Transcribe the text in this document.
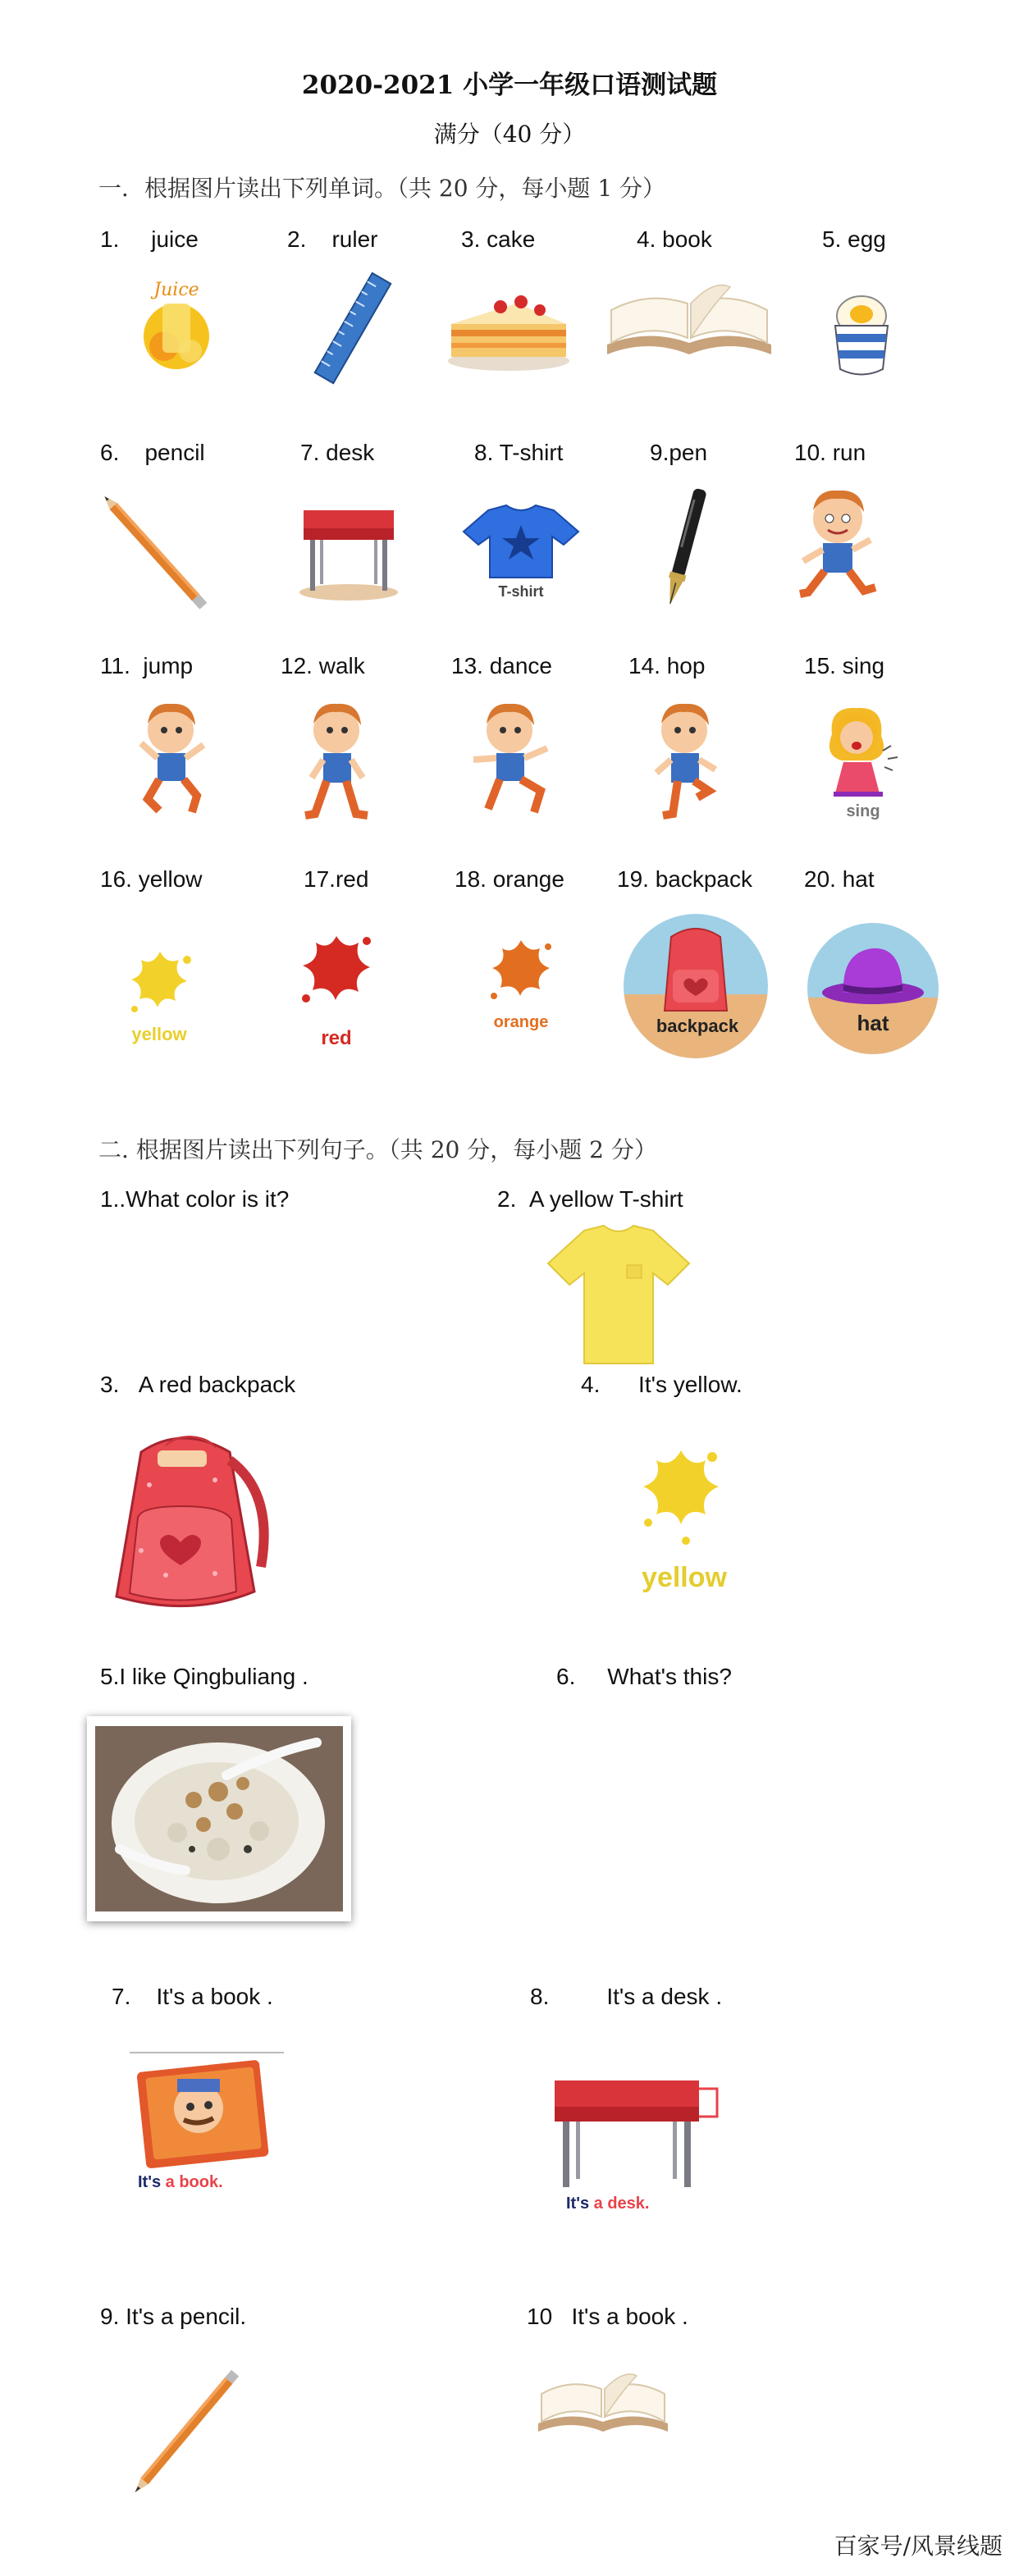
2020-2021 小学一年级口语测试题
满分（40 分）
一．根据图片读出下列单词。（共 20 分，每小题 1 分）
1. juice	2. ruler	3. cake	4. book	5. egg
Juice
6. pencil	7. desk	8. T-shirt	9.pen	10. run
T-shirt
11. jump	12. walk	13. dance	14. hop	15. sing
sing
16. yellow	17.red	18. orange 19. backpack 20. hat
yellow	red
orange	backpack	hat
二. 根据图片读出下列句子。（共 20 分，每小题 2 分）
1..What color is it?	2. A yellow T-shirt
3. A red backpack	4. It's yellow.
yellow
5.I like Qingbuliang .	6. What's this?
7. It's a book .	8.	It's a desk .
It's a book.
It's a desk.
9. It's a pencil.	10 It's a book .
百家号/风景线题
